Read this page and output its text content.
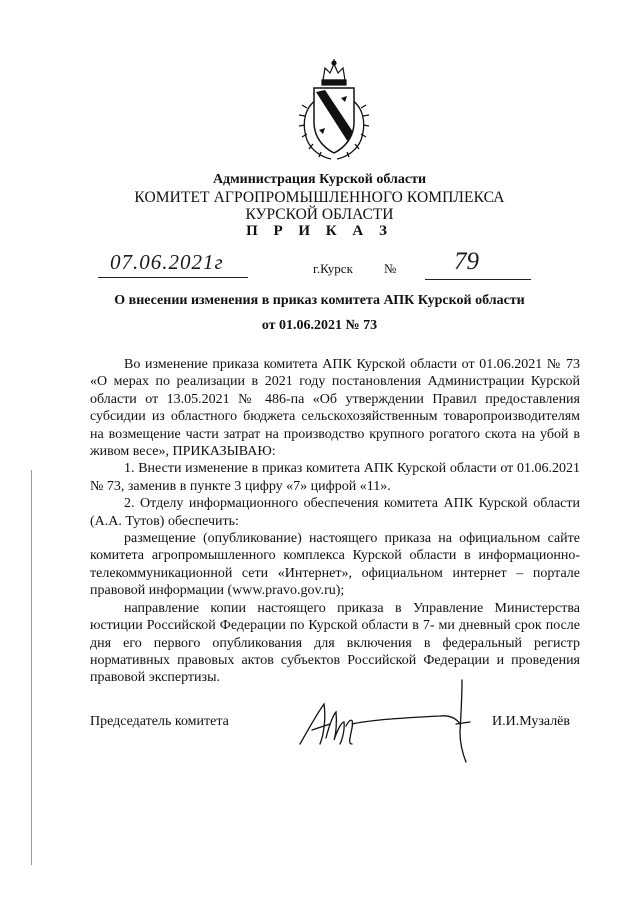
Администрация Курской области
КОМИТЕТ АГРОПРОМЫШЛЕННОГО КОМПЛЕКСА
КУРСКОЙ ОБЛАСТИ
П Р И К А З
07.06.2021г	г.Курск № 79
О внесении изменения в приказ комитета АПК Курской области
от 01.06.2021 № 73

Во изменение приказа комитета АПК Курской области от 01.06.2021 № 73 «О мерах по реализации в 2021 году постановления Администрации Курской области от 13.05.2021 № 486-па «Об утверждении Правил предоставления субсидии из областного бюджета сельскохозяйственным товаропроизводителям на возмещение части затрат на производство крупного рогатого скота на убой в живом весе», ПРИКАЗЫВАЮ:

1. Внести изменение в приказ комитета АПК Курской области от 01.06.2021 № 73, заменив в пункте 3 цифру «7» цифрой «11».

2. Отделу информационного обеспечения комитета АПК Курской области (А.А. Тутов) обеспечить:

размещение (опубликование) настоящего приказа на официальном сайте комитета агропромышленного комплекса Курской области в информационно- телекоммуникационной сети «Интернет», официальном интернет – портале правовой информации (www.pravo.gov.ru);

направление копии настоящего приказа в Управление Министерства юстиции Российской Федерации по Курской области в 7- ми дневный срок после дня его первого опубликования для включения в федеральный регистр нормативных правовых актов субъектов Российской Федерации и проведения правовой экспертизы.

Председатель комитета	И.И.Музалёв
